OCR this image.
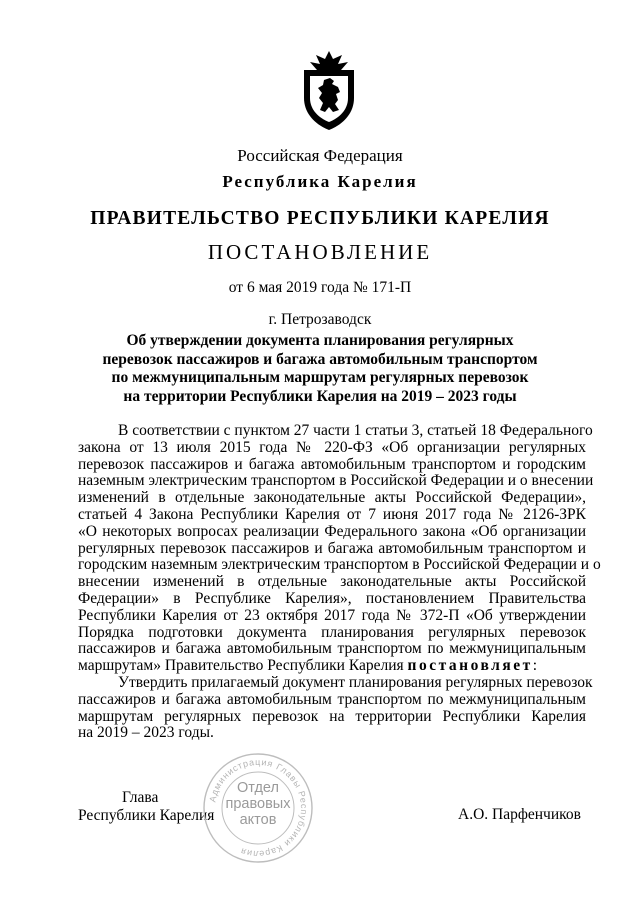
Российская Федерация
Республика Карелия
ПРАВИТЕЛЬСТВО РЕСПУБЛИКИ КАРЕЛИЯ
ПОСТАНОВЛЕНИЕ
от 6 мая 2019 года № 171-П
г. Петрозаводск
Об утверждении документа планирования регулярных
перевозок пассажиров и багажа автомобильным транспортом
по межмуниципальным маршрутам регулярных перевозок
на территории Республики Карелия на 2019 – 2023 годы
В соответствии с пунктом 27 части 1 статьи 3, статьей 18 Федерального
закона от 13 июля 2015 года № 220-ФЗ «Об организации регулярных
перевозок пассажиров и багажа автомобильным транспортом и городским
наземным электрическим транспортом в Российской Федерации и о внесении
изменений в отдельные законодательные акты Российской Федерации»,
статьей 4 Закона Республики Карелия от 7 июня 2017 года № 2126-ЗРК
«О некоторых вопросах реализации Федерального закона «Об организации
регулярных перевозок пассажиров и багажа автомобильным транспортом и
городским наземным электрическим транспортом в Российской Федерации и о
внесении изменений в отдельные законодательные акты Российской
Федерации» в Республике Карелия», постановлением Правительства
Республики Карелия от 23 октября 2017 года № 372-П «Об утверждении
Порядка подготовки документа планирования регулярных перевозок
пассажиров и багажа автомобильным транспортом по межмуниципальным
маршрутам» Правительство Республики Карелия постановляет:
Утвердить прилагаемый документ планирования регулярных перевозок
пассажиров и багажа автомобильным транспортом по межмуниципальным
маршрутам регулярных перевозок на территории Республики Карелия
на 2019 – 2023 годы.
Глава
Республики Карелия	А.О. Парфенчиков
Администрация Главы Республики Карелия
Отдел
правовых
актов
